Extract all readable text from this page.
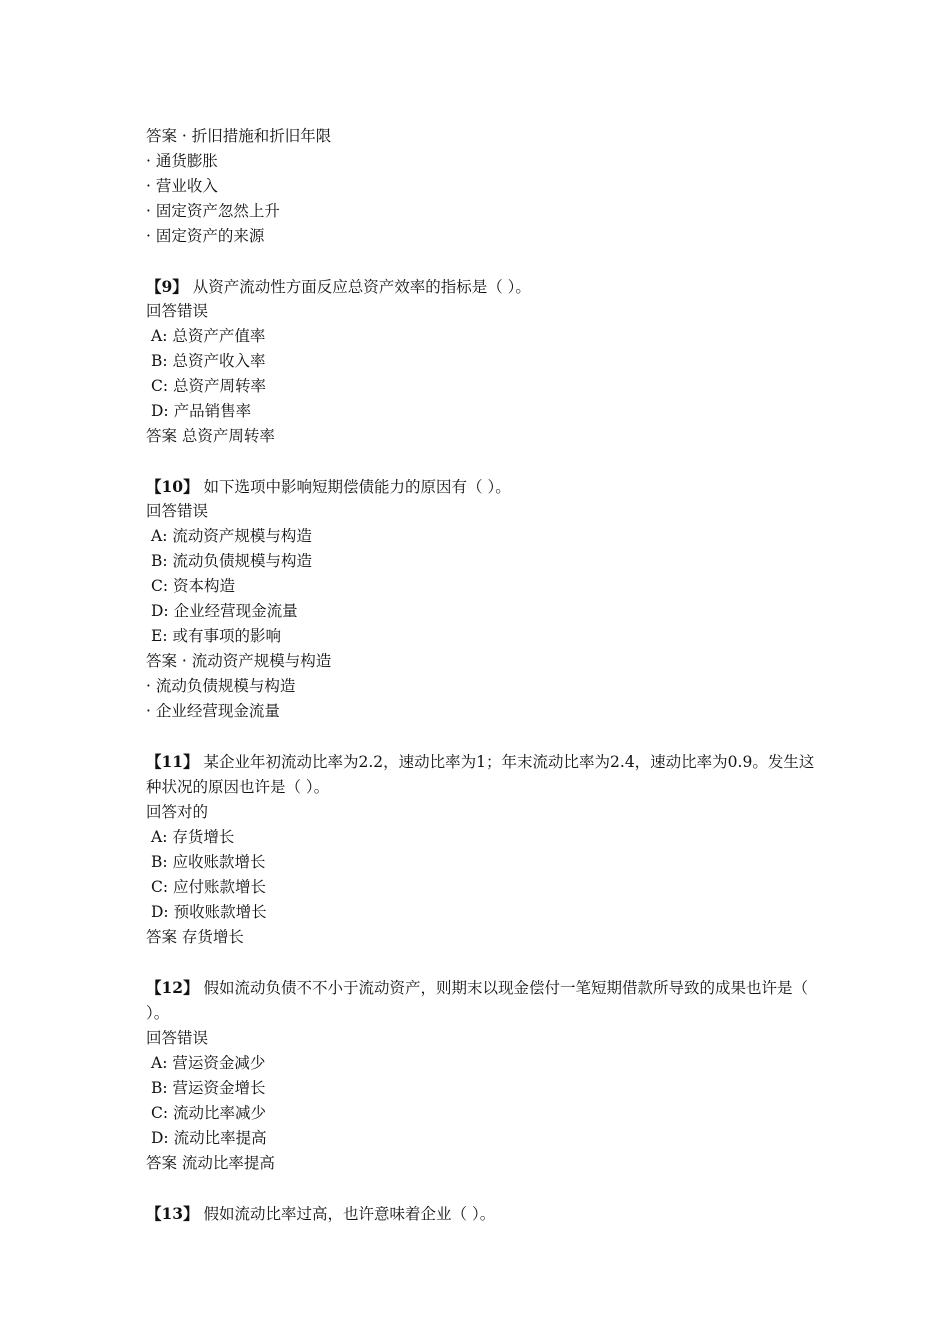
答案 · 折旧措施和折旧年限
· 通货膨胀
· 营业收入
· 固定资产忽然上升
· 固定资产的来源
【9】 从资产流动性方面反应总资产效率的指标是（ ）。
回答错误
A: 总资产产值率
B: 总资产收入率
C: 总资产周转率
D: 产品销售率
答案 总资产周转率
【10】 如下选项中影响短期偿债能力的原因有（ ）。
回答错误
A: 流动资产规模与构造
B: 流动负债规模与构造
C: 资本构造
D: 企业经营现金流量
E: 或有事项的影响
答案 · 流动资产规模与构造
· 流动负债规模与构造
· 企业经营现金流量
【11】 某企业年初流动比率为2.2，速动比率为1；年末流动比率为2.4，速动比率为0.9。发生这种状况的原因也许是（ ）。
回答对的
A: 存货增长
B: 应收账款增长
C: 应付账款增长
D: 预收账款增长
答案 存货增长
【12】 假如流动负债不不小于流动资产，则期末以现金偿付一笔短期借款所导致的成果也许是（ ）。
回答错误
A: 营运资金减少
B: 营运资金增长
C: 流动比率减少
D: 流动比率提高
答案 流动比率提高
【13】 假如流动比率过高，也许意味着企业（ ）。
